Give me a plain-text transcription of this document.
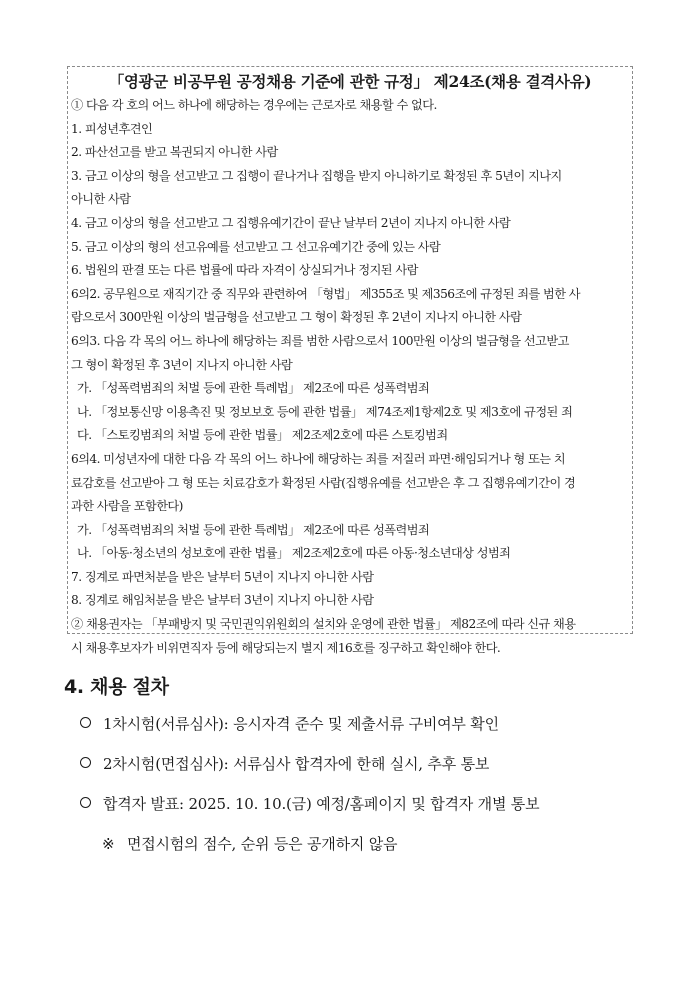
「영광군 비공무원 공정채용 기준에 관한 규정」 제24조(채용 결격사유)
① 다음 각 호의 어느 하나에 해당하는 경우에는 근로자로 채용할 수 없다.
1. 피성년후견인
2. 파산선고를 받고 복권되지 아니한 사람
3. 금고 이상의 형을 선고받고 그 집행이 끝나거나 집행을 받지 아니하기로 확정된 후 5년이 지나지
아니한 사람
4. 금고 이상의 형을 선고받고 그 집행유예기간이 끝난 날부터 2년이 지나지 아니한 사람
5. 금고 이상의 형의 선고유예를 선고받고 그 선고유예기간 중에 있는 사람
6. 법원의 판결 또는 다른 법률에 따라 자격이 상실되거나 정지된 사람
6의2. 공무원으로 재직기간 중 직무와 관련하여 「형법」 제355조 및 제356조에 규정된 죄를 범한 사
람으로서 300만원 이상의 벌금형을 선고받고 그 형이 확정된 후 2년이 지나지 아니한 사람
6의3. 다음 각 목의 어느 하나에 해당하는 죄를 범한 사람으로서 100만원 이상의 벌금형을 선고받고
그 형이 확정된 후 3년이 지나지 아니한 사람
가. 「성폭력범죄의 처벌 등에 관한 특례법」 제2조에 따른 성폭력범죄
나. 「정보통신망 이용촉진 및 정보보호 등에 관한 법률」 제74조제1항제2호 및 제3호에 규정된 죄
다. 「스토킹범죄의 처벌 등에 관한 법률」 제2조제2호에 따른 스토킹범죄
6의4. 미성년자에 대한 다음 각 목의 어느 하나에 해당하는 죄를 저질러 파면·해임되거나 형 또는 치
료감호를 선고받아 그 형 또는 치료감호가 확정된 사람(집행유예를 선고받은 후 그 집행유예기간이 경
과한 사람을 포함한다)
가. 「성폭력범죄의 처벌 등에 관한 특례법」 제2조에 따른 성폭력범죄
나. 「아동·청소년의 성보호에 관한 법률」 제2조제2호에 따른 아동·청소년대상 성범죄
7. 징계로 파면처분을 받은 날부터 5년이 지나지 아니한 사람
8. 징계로 해임처분을 받은 날부터 3년이 지나지 아니한 사람
② 채용권자는 「부패방지 및 국민권익위원회의 설치와 운영에 관한 법률」 제82조에 따라 신규 채용
시 채용후보자가 비위면직자 등에 해당되는지 별지 제16호를 징구하고 확인해야 한다.
4. 채용 절차
1차시험(서류심사): 응시자격 준수 및 제출서류 구비여부 확인
2차시험(면접심사): 서류심사 합격자에 한해 실시, 추후 통보
합격자 발표: 2025. 10. 10.(금) 예정/홈페이지 및 합격자 개별 통보
※ 면접시험의 점수, 순위 등은 공개하지 않음
